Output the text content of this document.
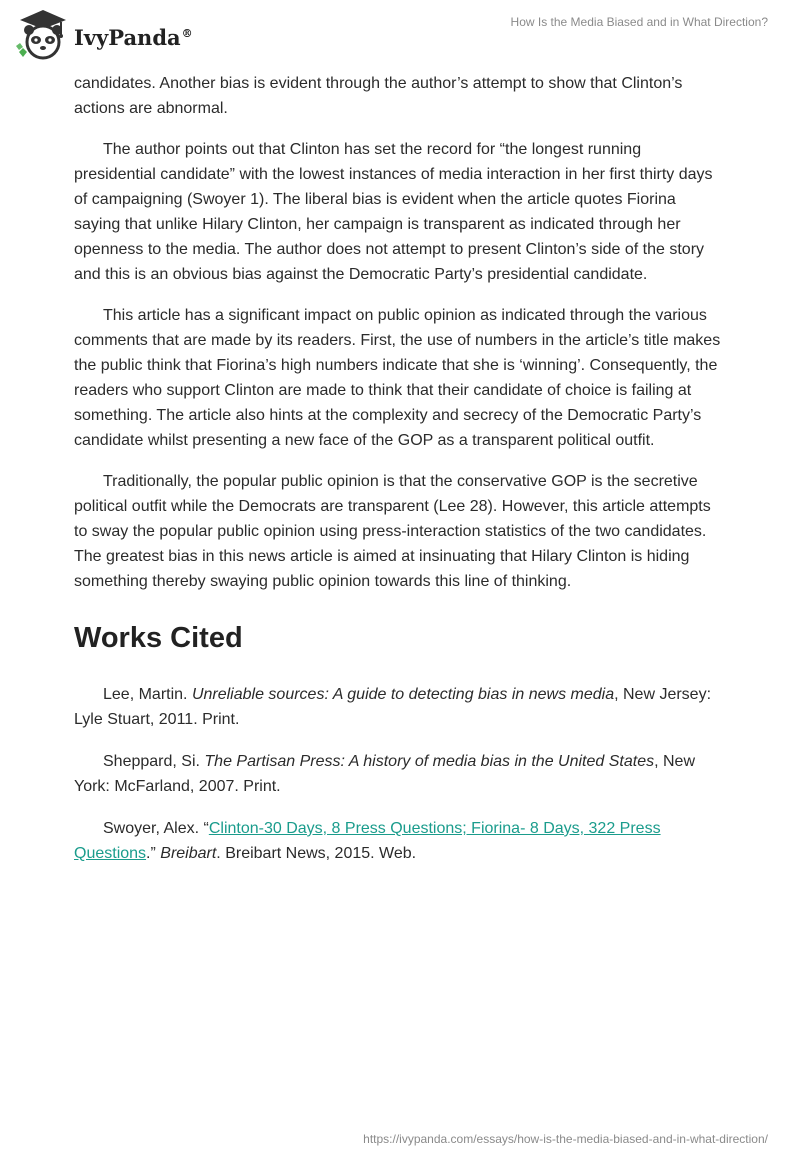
IvyPanda®
How Is the Media Biased and in What Direction?

candidates. Another bias is evident through the author’s attempt to show that Clinton’s actions are abnormal.

The author points out that Clinton has set the record for “the longest running presidential candidate” with the lowest instances of media interaction in her first thirty days of campaigning (Swoyer 1). The liberal bias is evident when the article quotes Fiorina saying that unlike Hilary Clinton, her campaign is transparent as indicated through her openness to the media. The author does not attempt to present Clinton’s side of the story and this is an obvious bias against the Democratic Party’s presidential candidate.

This article has a significant impact on public opinion as indicated through the various comments that are made by its readers. First, the use of numbers in the article’s title makes the public think that Fiorina’s high numbers indicate that she is ‘winning’. Consequently, the readers who support Clinton are made to think that their candidate of choice is failing at something. The article also hints at the complexity and secrecy of the Democratic Party’s candidate whilst presenting a new face of the GOP as a transparent political outfit.

Traditionally, the popular public opinion is that the conservative GOP is the secretive political outfit while the Democrats are transparent (Lee 28). However, this article attempts to sway the popular public opinion using press-interaction statistics of the two candidates. The greatest bias in this news article is aimed at insinuating that Hilary Clinton is hiding something thereby swaying public opinion towards this line of thinking.

Works Cited

Lee, Martin. Unreliable sources: A guide to detecting bias in news media, New Jersey: Lyle Stuart, 2011. Print.

Sheppard, Si. The Partisan Press: A history of media bias in the United States, New York: McFarland, 2007. Print.

Swoyer, Alex. “Clinton-30 Days, 8 Press Questions; Fiorina- 8 Days, 322 Press Questions.” Breibart. Breibart News, 2015. Web.

https://ivypanda.com/essays/how-is-the-media-biased-and-in-what-direction/
